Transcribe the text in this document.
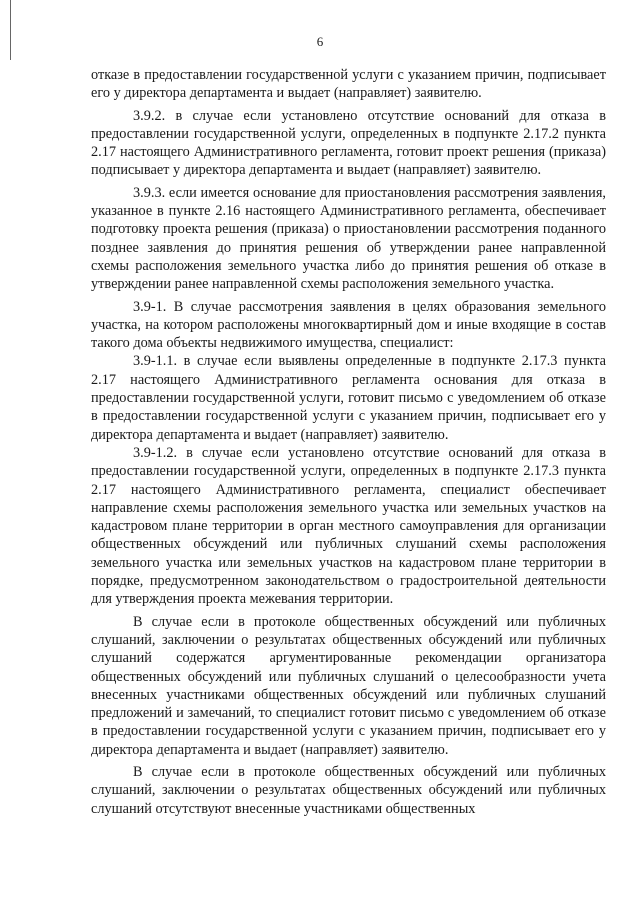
6

отказе в предоставлении государственной услуги с указанием причин, подписывает его у директора департамента и выдает (направляет) заявителю.

3.9.2. в случае если установлено отсутствие оснований для отказа в предоставлении государственной услуги, определенных в подпункте 2.17.2 пункта 2.17 настоящего Административного регламента, готовит проект решения (приказа) подписывает у директора департамента и выдает (направляет) заявителю.

3.9.3. если имеется основание для приостановления рассмотрения заявления, указанное в пункте 2.16 настоящего Административного регламента, обеспечивает подготовку проекта решения (приказа) о приостановлении рассмотрения поданного позднее заявления до принятия решения об утверждении ранее направленной схемы расположения земельного участка либо до принятия решения об отказе в утверждении ранее направленной схемы расположения земельного участка.

3.9-1. В случае рассмотрения заявления в целях образования земельного участка, на котором расположены многоквартирный дом и иные входящие в состав такого дома объекты недвижимого имущества, специалист:

3.9-1.1. в случае если выявлены определенные в подпункте 2.17.3 пункта 2.17 настоящего Административного регламента основания для отказа в предоставлении государственной услуги, готовит письмо с уведомлением об отказе в предоставлении государственной услуги с указанием причин, подписывает его у директора департамента и выдает (направляет) заявителю.

3.9-1.2. в случае если установлено отсутствие оснований для отказа в предоставлении государственной услуги, определенных в подпункте 2.17.3 пункта 2.17 настоящего Административного регламента, специалист обеспечивает направление схемы расположения земельного участка или земельных участков на кадастровом плане территории в орган местного самоуправления для организации общественных обсуждений или публичных слушаний схемы расположения земельного участка или земельных участков на кадастровом плане территории в порядке, предусмотренном законодательством о градостроительной деятельности для утверждения проекта межевания территории.

В случае если в протоколе общественных обсуждений или публичных слушаний, заключении о результатах общественных обсуждений или публичных слушаний содержатся аргументированные рекомендации организатора общественных обсуждений или публичных слушаний о целесообразности учета внесенных участниками общественных обсуждений или публичных слушаний предложений и замечаний, то специалист готовит письмо с уведомлением об отказе в предоставлении государственной услуги с указанием причин, подписывает его у директора департамента и выдает (направляет) заявителю.

В случае если в протоколе общественных обсуждений или публичных слушаний, заключении о результатах общественных обсуждений или публичных слушаний отсутствуют внесенные участниками общественных
